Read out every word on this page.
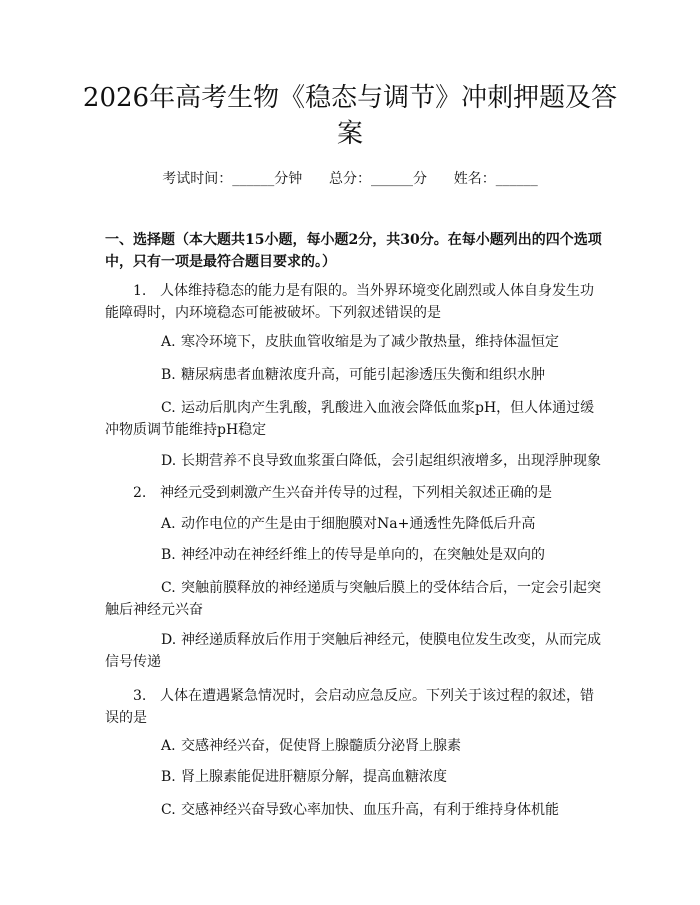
2026年高考生物《稳态与调节》冲刺押题及答案
考试时间：______分钟      总分：______分      姓名：______
一、选择题（本大题共15小题，每小题2分，共30分。在每小题列出的四个选项中，只有一项是最符合题目要求的。）
1. 人体维持稳态的能力是有限的。当外界环境变化剧烈或人体自身发生功能障碍时，内环境稳态可能被破坏。下列叙述错误的是
A. 寒冷环境下，皮肤血管收缩是为了减少散热量，维持体温恒定
B. 糖尿病患者血糖浓度升高，可能引起渗透压失衡和组织水肿
C. 运动后肌肉产生乳酸，乳酸进入血液会降低血浆pH，但人体通过缓冲物质调节能维持pH稳定
D. 长期营养不良导致血浆蛋白降低，会引起组织液增多，出现浮肿现象
2. 神经元受到刺激产生兴奋并传导的过程，下列相关叙述正确的是
A. 动作电位的产生是由于细胞膜对Na+通透性先降低后升高
B. 神经冲动在神经纤维上的传导是单向的，在突触处是双向的
C. 突触前膜释放的神经递质与突触后膜上的受体结合后，一定会引起突触后神经元兴奋
D. 神经递质释放后作用于突触后神经元，使膜电位发生改变，从而完成信号传递
3. 人体在遭遇紧急情况时，会启动应急反应。下列关于该过程的叙述，错误的是
A. 交感神经兴奋，促使肾上腺髓质分泌肾上腺素
B. 肾上腺素能促进肝糖原分解，提高血糖浓度
C. 交感神经兴奋导致心率加快、血压升高，有利于维持身体机能
